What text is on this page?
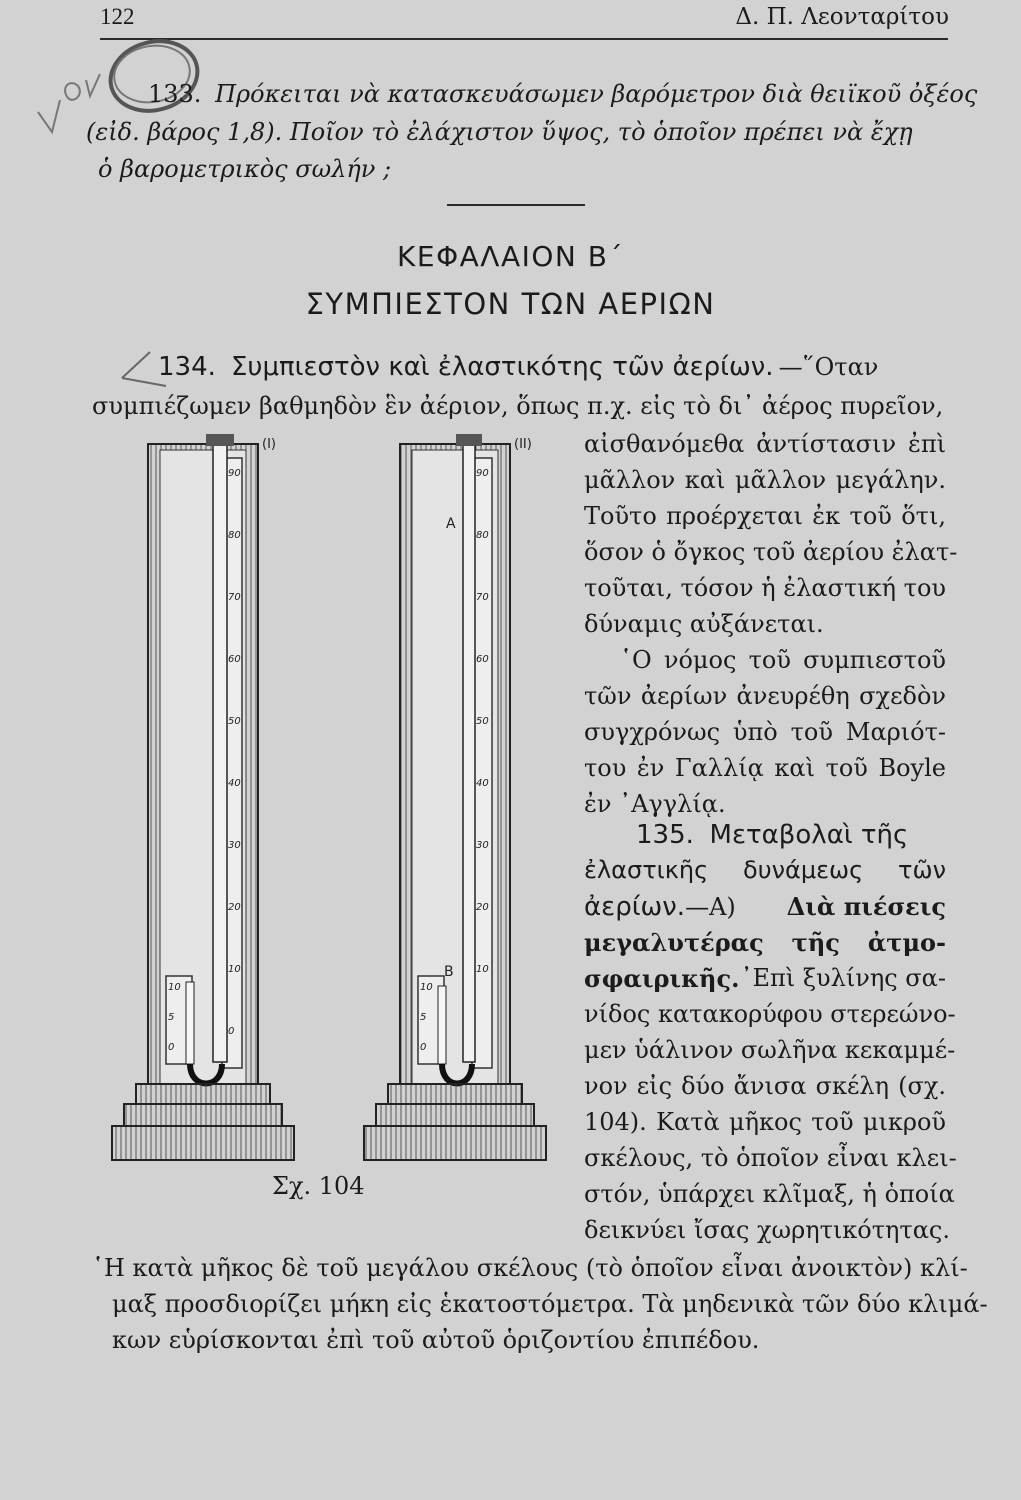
122	Δ. Π. Λεονταρίτου
133. Πρόκειται νὰ κατασκευάσωμεν βαρόμετρον διὰ θειϊκοῦ ὀξέος
(εἰδ. βάρος 1,8). Ποῖον τὸ ἐλάχιστον ὕψος, τὸ ὁποῖον πρέπει νὰ ἔχῃ
ὁ βαρομετρικὸς σωλήν ;
ΚΕΦΑΛΑΙΟΝ Β΄
ΣΥΜΠΙΕΣΤΟΝ ΤΩΝ ΑΕΡΙΩΝ
134. Συμπιεστὸν καὶ ἐλαστικότης τῶν ἀερίων. —῞Οταν
συμπιέζωμεν βαθμηδὸν ἓν ἀέριον, ὅπως π.χ. εἰς τὸ δι᾿ ἀέρος πυρεῖον,
(I)
90
80
70
60
50
40
30
20
10
0
10
5
0
(II)
A
B
90
80
70
60
50
40
30
20
10
10
5
0
Σχ. 104
αἰσθανόμεθα ἀντίστασιν ἐπὶ
μᾶλλον καὶ μᾶλλον μεγάλην.
Τοῦτο προέρχεται ἐκ τοῦ ὅτι,
ὅσον ὁ ὄγκος τοῦ ἀερίου ἐλατ-
τοῦται, τόσον ἡ ἐλαστική του
δύναμις αὐξάνεται.
῾Ο νόμος τοῦ συμπιεστοῦ
τῶν ἀερίων ἀνευρέθη σχεδὸν
συγχρόνως ὑπὸ τοῦ Μαριότ-
του ἐν Γαλλίᾳ καὶ τοῦ Boyle
ἐν ᾿Αγγλίᾳ.
135. Μεταβολαὶ τῆς
ἐλαστικῆς δυνάμεως τῶν
ἀερίων.—Α) Διὰ πιέσεις
μεγαλυτέρας τῆς ἀτμο-
σφαιρικῆς. ᾿Επὶ ξυλίνης σα-
νίδος κατακορύφου στερεώνο-
μεν ὑάλινον σωλῆνα κεκαμμέ-
νον εἰς δύο ἄνισα σκέλη (σχ.
104). Κατὰ μῆκος τοῦ μικροῦ
σκέλους, τὸ ὁποῖον εἶναι κλει-
στόν, ὑπάρχει κλῖμαξ, ἡ ὁποία
δεικνύει ἴσας χωρητικότητας.
῾Η κατὰ μῆκος δὲ τοῦ μεγάλου σκέλους (τὸ ὁποῖον εἶναι ἀνοικτὸν) κλί-
μαξ προσδιορίζει μήκη εἰς ἑκατοστόμετρα. Τὰ μηδενικὰ τῶν δύο κλιμά-
κων εὑρίσκονται ἐπὶ τοῦ αὐτοῦ ὁριζοντίου ἐπιπέδου.
